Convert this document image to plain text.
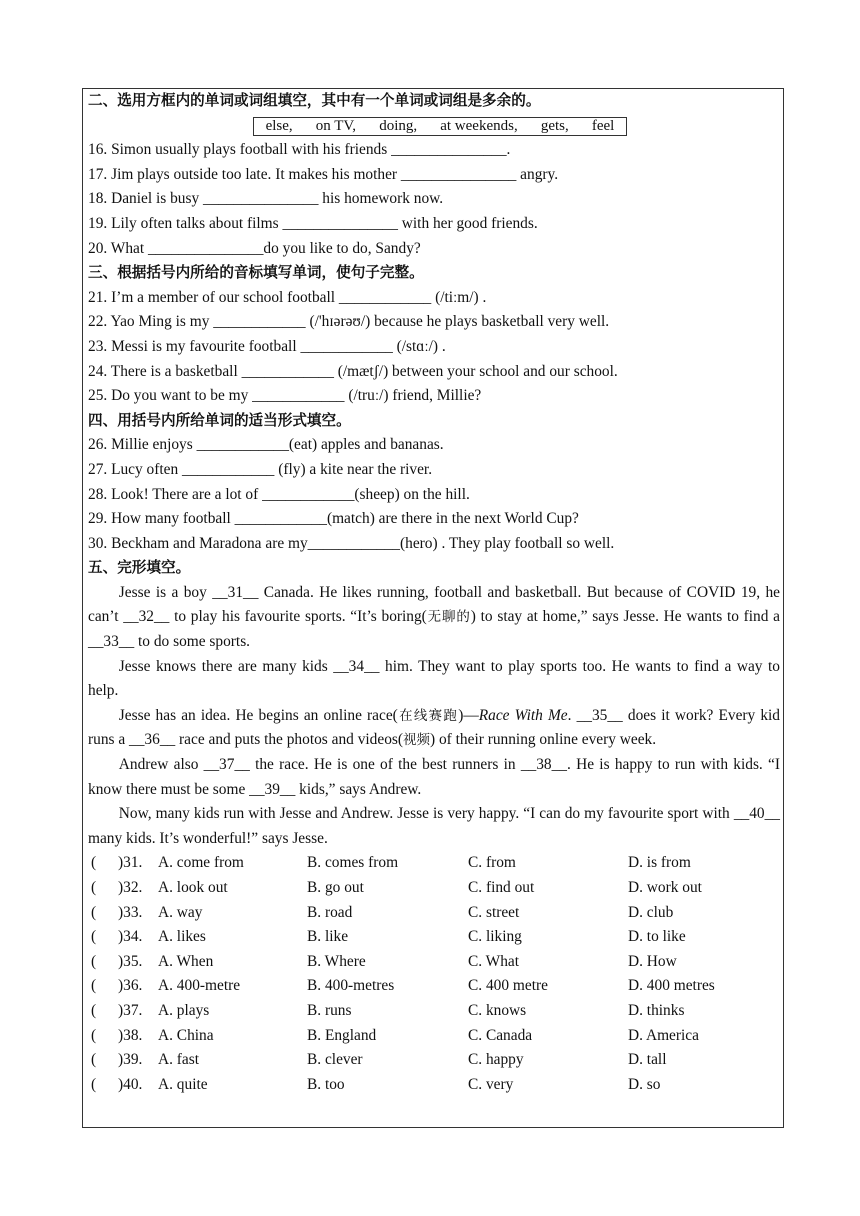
二、选用方框内的单词或词组填空，其中有一个单词或词组是多余的。
else, on TV, doing, at weekends, gets, feel
16. Simon usually plays football with his friends _______________.
17. Jim plays outside too late. It makes his mother _______________ angry.
18. Daniel is busy _______________ his homework now.
19. Lily often talks about films _______________ with her good friends.
20. What _______________do you like to do, Sandy?
三、根据括号内所给的音标填写单词，使句子完整。
21. I’m a member of our school football ____________ (/tiːm/) .
22. Yao Ming is my ____________ (/'hɪərəʊ/) because he plays basketball very well.
23. Messi is my favourite football ____________ (/stɑː/) .
24. There is a basketball ____________ (/mætʃ/) between your school and our school.
25. Do you want to be my ____________ (/truː/) friend, Millie?
四、用括号内所给单词的适当形式填空。
26. Millie enjoys ____________(eat) apples and bananas.
27. Lucy often ____________ (fly) a kite near the river.
28. Look! There are a lot of ____________(sheep) on the hill.
29. How many football ____________(match) are there in the next World Cup?
30. Beckham and Maradona are my____________(hero) . They play football so well.
五、完形填空。
Jesse is a boy __31__ Canada. He likes running, football and basketball. But because of COVID 19, he can’t __32__ to play his favourite sports. “It’s boring(无聊的) to stay at home,” says Jesse. He wants to find a __33__ to do some sports.
Jesse knows there are many kids __34__ him. They want to play sports too. He wants to find a way to help.
Jesse has an idea. He begins an online race(在线赛跑)—Race With Me. __35__ does it work? Every kid runs a __36__ race and puts the photos and videos(视频) of their running online every week.
Andrew also __37__ the race. He is one of the best runners in __38__. He is happy to run with kids. “I know there must be some __39__ kids,” says Andrew.
Now, many kids run with Jesse and Andrew. Jesse is very happy. “I can do my favourite sport with __40__ many kids. It’s wonderful!” says Jesse.
( )31. A. come from	B. comes from	C. from	D. is from
( )32. A. look out	B. go out	C. find out	D. work out
( )33. A. way	B. road	C. street	D. club
( )34. A. likes	B. like	C. liking	D. to like
( )35. A. When	B. Where	C. What	D. How
( )36. A. 400-metre	B. 400-metres	C. 400 metre	D. 400 metres
( )37. A. plays	B. runs	C. knows	D. thinks
( )38. A. China	B. England	C. Canada	D. America
( )39. A. fast	B. clever	C. happy	D. tall
( )40. A. quite	B. too	C. very	D. so
